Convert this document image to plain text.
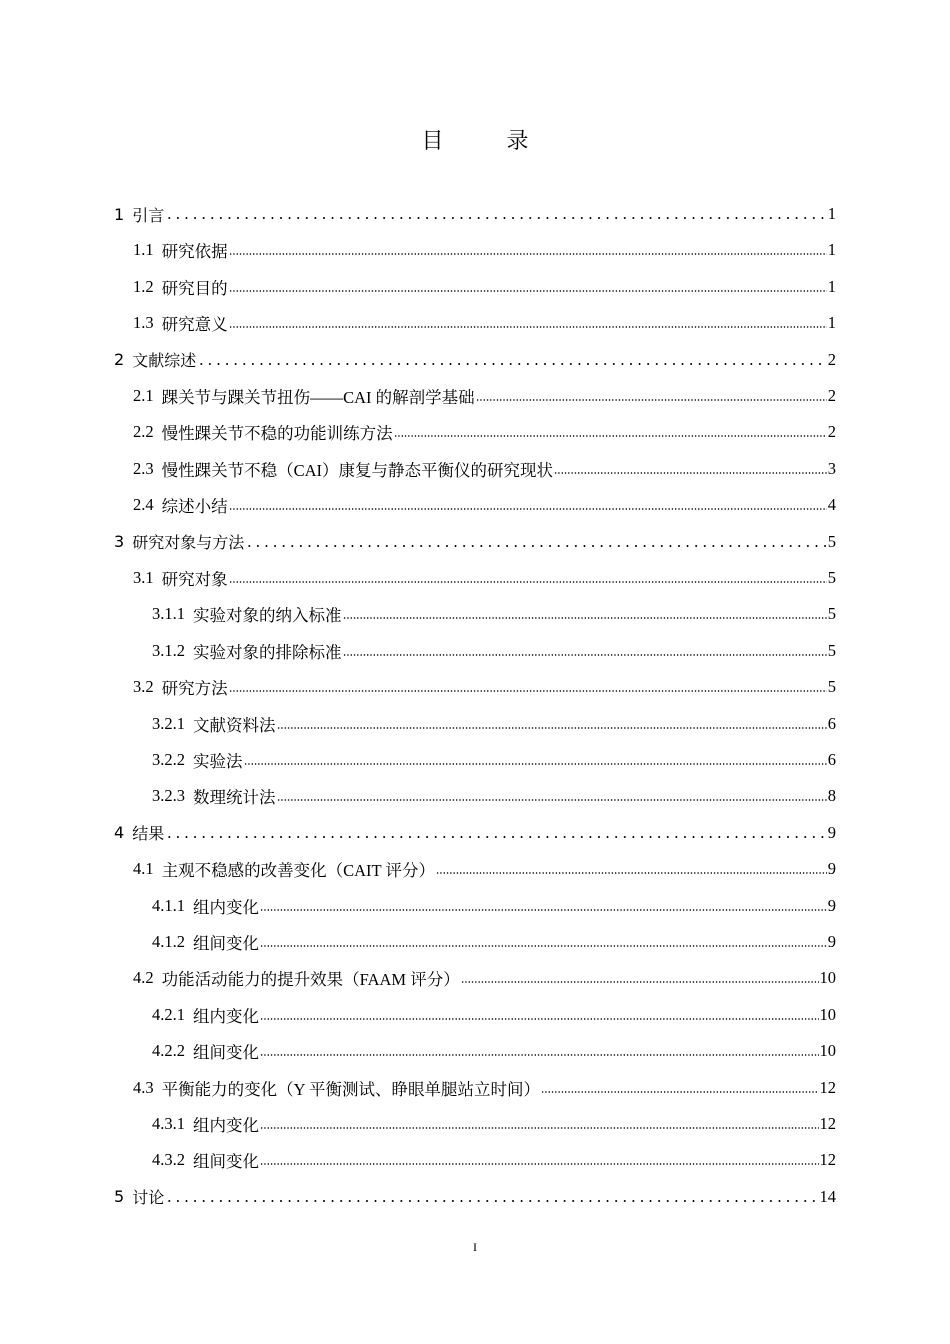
目 录
1 引言	1
1.1 研究依据	1
1.2 研究目的	1
1.3 研究意义	1
2 文献综述	2
2.1 踝关节与踝关节扭伤——CAI 的解剖学基础	2
2.2 慢性踝关节不稳的功能训练方法	2
2.3 慢性踝关节不稳（CAI）康复与静态平衡仪的研究现状	3
2.4 综述小结	4
3 研究对象与方法	5
3.1 研究对象	5
3.1.1 实验对象的纳入标准	5
3.1.2 实验对象的排除标准	5
3.2 研究方法	5
3.2.1 文献资料法	6
3.2.2 实验法	6
3.2.3 数理统计法	8
4 结果	9
4.1 主观不稳感的改善变化（CAIT 评分）	9
4.1.1 组内变化	9
4.1.2 组间变化	9
4.2 功能活动能力的提升效果（FAAM 评分）	10
4.2.1 组内变化	10
4.2.2 组间变化	10
4.3 平衡能力的变化（Y 平衡测试、睁眼单腿站立时间）	12
4.3.1 组内变化	12
4.3.2 组间变化	12
5 讨论	14
I
